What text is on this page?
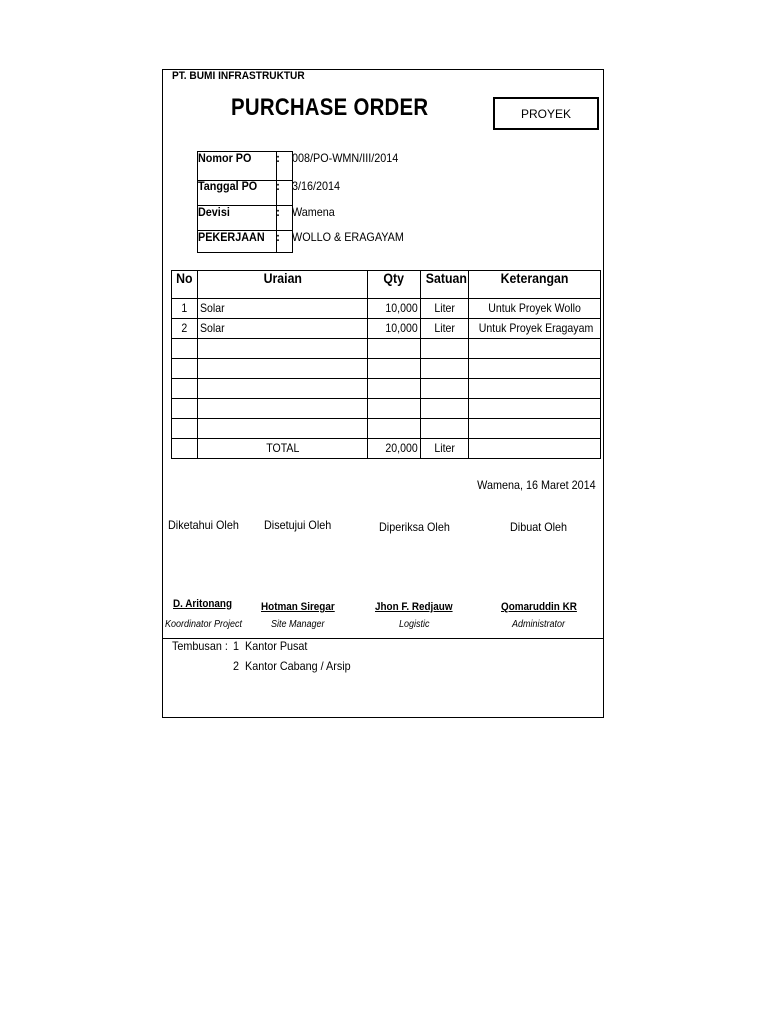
PT. BUMI INFRASTRUKTUR
PURCHASE ORDER	PROYEK
Nomor PO : 008/PO-WMN/III/2014
Tanggal PO : 3/16/2014
Devisi	: Wamena
PEKERJAAN : WOLLO & ERAGAYAM
No	Uraian	Qty	Satuan	Keterangan
1	Solar	10,000	Liter	Untuk Proyek Wollo
2	Solar	10,000	Liter	Untuk Proyek Eragayam

	TOTAL	20,000	Liter	
Wamena, 16 Maret 2014
Diketahui Oleh Disetujui Oleh	Diperiksa Oleh	Dibuat Oleh
D. Aritonang	Hotman Siregar	Jhon F. Redjauw	Qomaruddin KR
Koordinator Project	Site Manager	Logistic	Administrator
Tembusan : 1 Kantor Pusat
2 Kantor Cabang / Arsip
